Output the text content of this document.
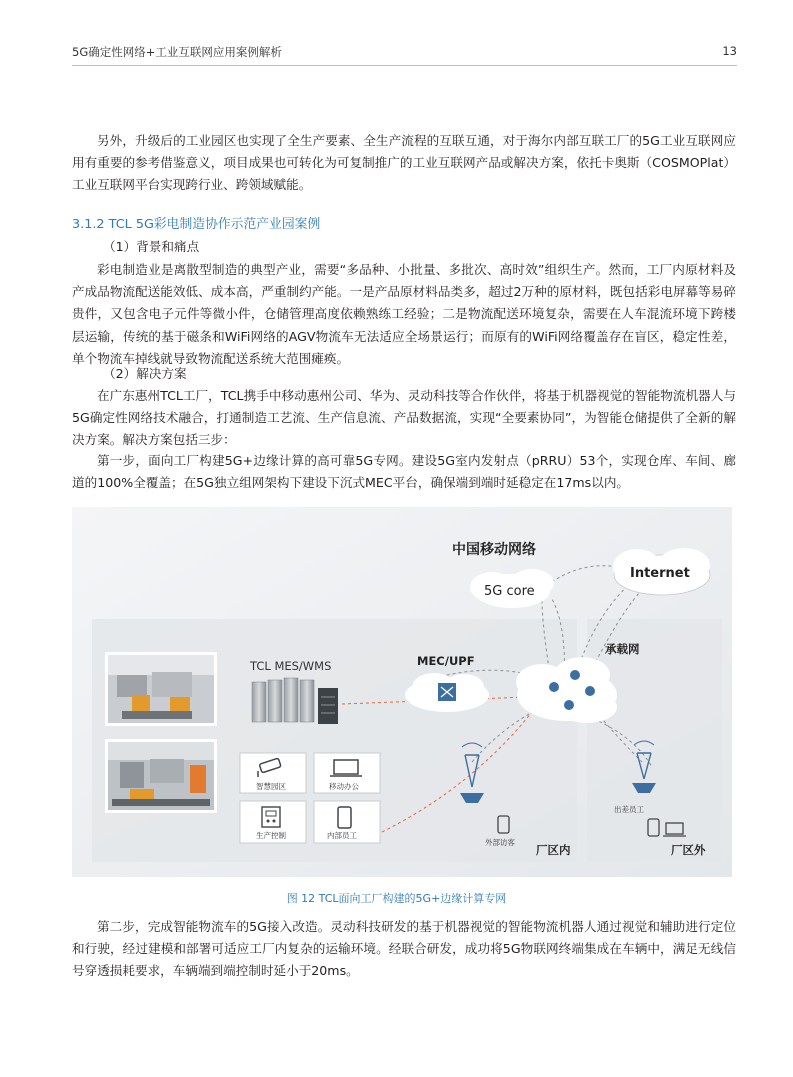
5G确定性网络+工业互联网应用案例解析	13

另外，升级后的工业园区也实现了全生产要素、全生产流程的互联互通，对于海尔内部互联工厂的5G工业互联网应用有重要的参考借鉴意义，项目成果也可转化为可复制推广的工业互联网产品或解决方案，依托卡奥斯（COSMOPlat）工业互联网平台实现跨行业、跨领域赋能。

3.1.2 TCL 5G彩电制造协作示范产业园案例
（1）背景和痛点

彩电制造业是离散型制造的典型产业，需要“多品种、小批量、多批次、高时效”组织生产。然而，工厂内原材料及产成品物流配送能效低、成本高，严重制约产能。一是产品原材料品类多，超过2万种的原材料，既包括彩电屏幕等易碎贵件，又包含电子元件等微小件，仓储管理高度依赖熟练工经验；二是物流配送环境复杂，需要在人车混流环境下跨楼层运输，传统的基于磁条和WiFi网络的AGV物流车无法适应全场景运行；而原有的WiFi网络覆盖存在盲区，稳定性差，单个物流车掉线就导致物流配送系统大范围瘫痪。

（2）解决方案

在广东惠州TCL工厂，TCL携手中移动惠州公司、华为、灵动科技等合作伙伴，将基于机器视觉的智能物流机器人与5G确定性网络技术融合，打通制造工艺流、生产信息流、产品数据流，实现“全要素协同”，为智能仓储提供了全新的解决方案。解决方案包括三步：

第一步，面向工厂构建5G+边缘计算的高可靠5G专网。建设5G室内发射点（pRRU）53个，实现仓库、车间、廊道的100%全覆盖；在5G独立组网架构下建设下沉式MEC平台，确保端到端时延稳定在17ms以内。

TCL MES/WMS
智慧园区	移动办公
生产控制	内部员工
中国移动网络
5G core
Internet
MEC/UPF
承载网
外部访客
厂区内
出差员工
厂区外
图 12 TCL面向工厂构建的5G+边缘计算专网

第二步，完成智能物流车的5G接入改造。灵动科技研发的基于机器视觉的智能物流机器人通过视觉和辅助进行定位和行驶，经过建模和部署可适应工厂内复杂的运输环境。经联合研发，成功将5G物联网终端集成在车辆中，满足无线信号穿透损耗要求，车辆端到端控制时延小于20ms。
